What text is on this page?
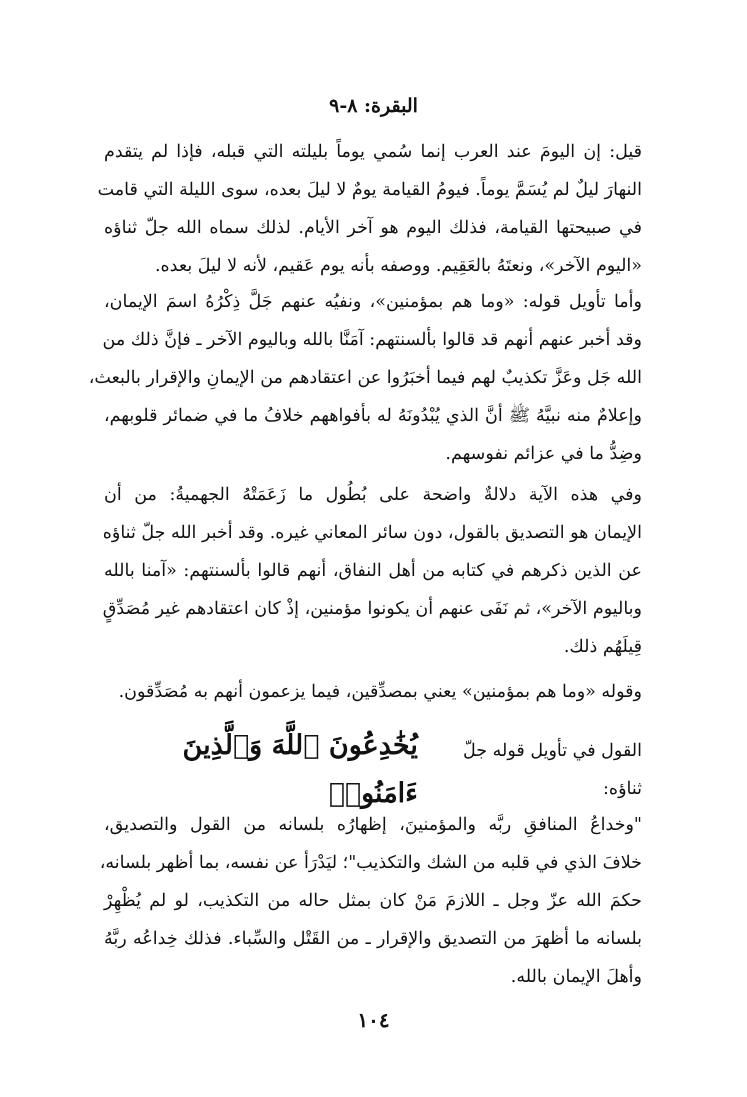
البقرة: ٨-٩
قيل: إن اليومَ عند العرب إنما سُمي يوماً بليلته التي قبله، فإذا لم يتقدم
النهارَ ليلٌ لم يُسَمَّ يوماً. فيومُ القيامة يومٌ لا ليلَ بعده، سوى الليلة التي قامت
في صبيحتها القيامة، فذلك اليوم هو آخر الأيام. لذلك سماه الله جلّ ثناؤه
«اليوم الآخر»، ونعتَهُ بالعَقِيم. ووصفه بأنه يوم عَقيم، لأنه لا ليلَ بعده.
وأما تأويل قوله: «وما هم بمؤمنين»، ونفيُه عنهم جَلَّ ذِكْرُهُ اسمَ الإيمان،
وقد أخبر عنهم أنهم قد قالوا بألسنتهم: آمَنَّا بالله وباليوم الآخر ـ فإنَّ ذلك من
الله جَل وعَزَّ تكذيبٌ لهم فيما أخبَرُوا عن اعتقادهم من الإيمانِ والإقرار بالبعث،
وإعلامٌ منه نبيَّهُ ﷺ أنَّ الذي يُبْدُونَهُ له بأفواههم خلافُ ما في ضمائر قلوبهم،
وضِدُّ ما في عزائم نفوسهم.
وفي هذه الآية دلالةٌ واضحة على بُطُول ما زَعَمَتْهُ الجهميةُ: من أن
الإيمان هو التصديق بالقول، دون سائر المعاني غيره. وقد أخبر الله جلّ ثناؤه
عن الذين ذكرهم في كتابه من أهل النفاق، أنهم قالوا بألسنتهم: «آمنا بالله
وباليوم الآخر»، ثم نَفَى عنهم أن يكونوا مؤمنين، إذْ كان اعتقادهم غير مُصَدِّقٍ
قِيلَهُم ذلك.
وقوله «وما هم بمؤمنين» يعني بمصدِّقين، فيما يزعمون أنهم به مُصَدِّقون.
القول في تأويل قوله جلّ ثناؤه:
يُخَٰدِعُونَ ٱللَّهَ وَٱلَّذِينَ ءَامَنُوا۟
"وخداعُ المنافقِ ربَّه والمؤمنينَ، إظهارُه بلسانه من القول والتصديق،
خلافَ الذي في قلبه من الشك والتكذيب"؛ ليَدْرَأ عن نفسه، بما أظهر بلسانه،
حكمَ الله عزّ وجل ـ اللازمَ مَنْ كان بمثل حاله من التكذيب، لو لم يُظْهِرْ
بلسانه ما أظهرَ من التصديق والإقرار ـ من القَتْل والسِّباء. فذلك خِداعُه ربَّهُ
وأهلَ الإيمان بالله.
١٠٤
